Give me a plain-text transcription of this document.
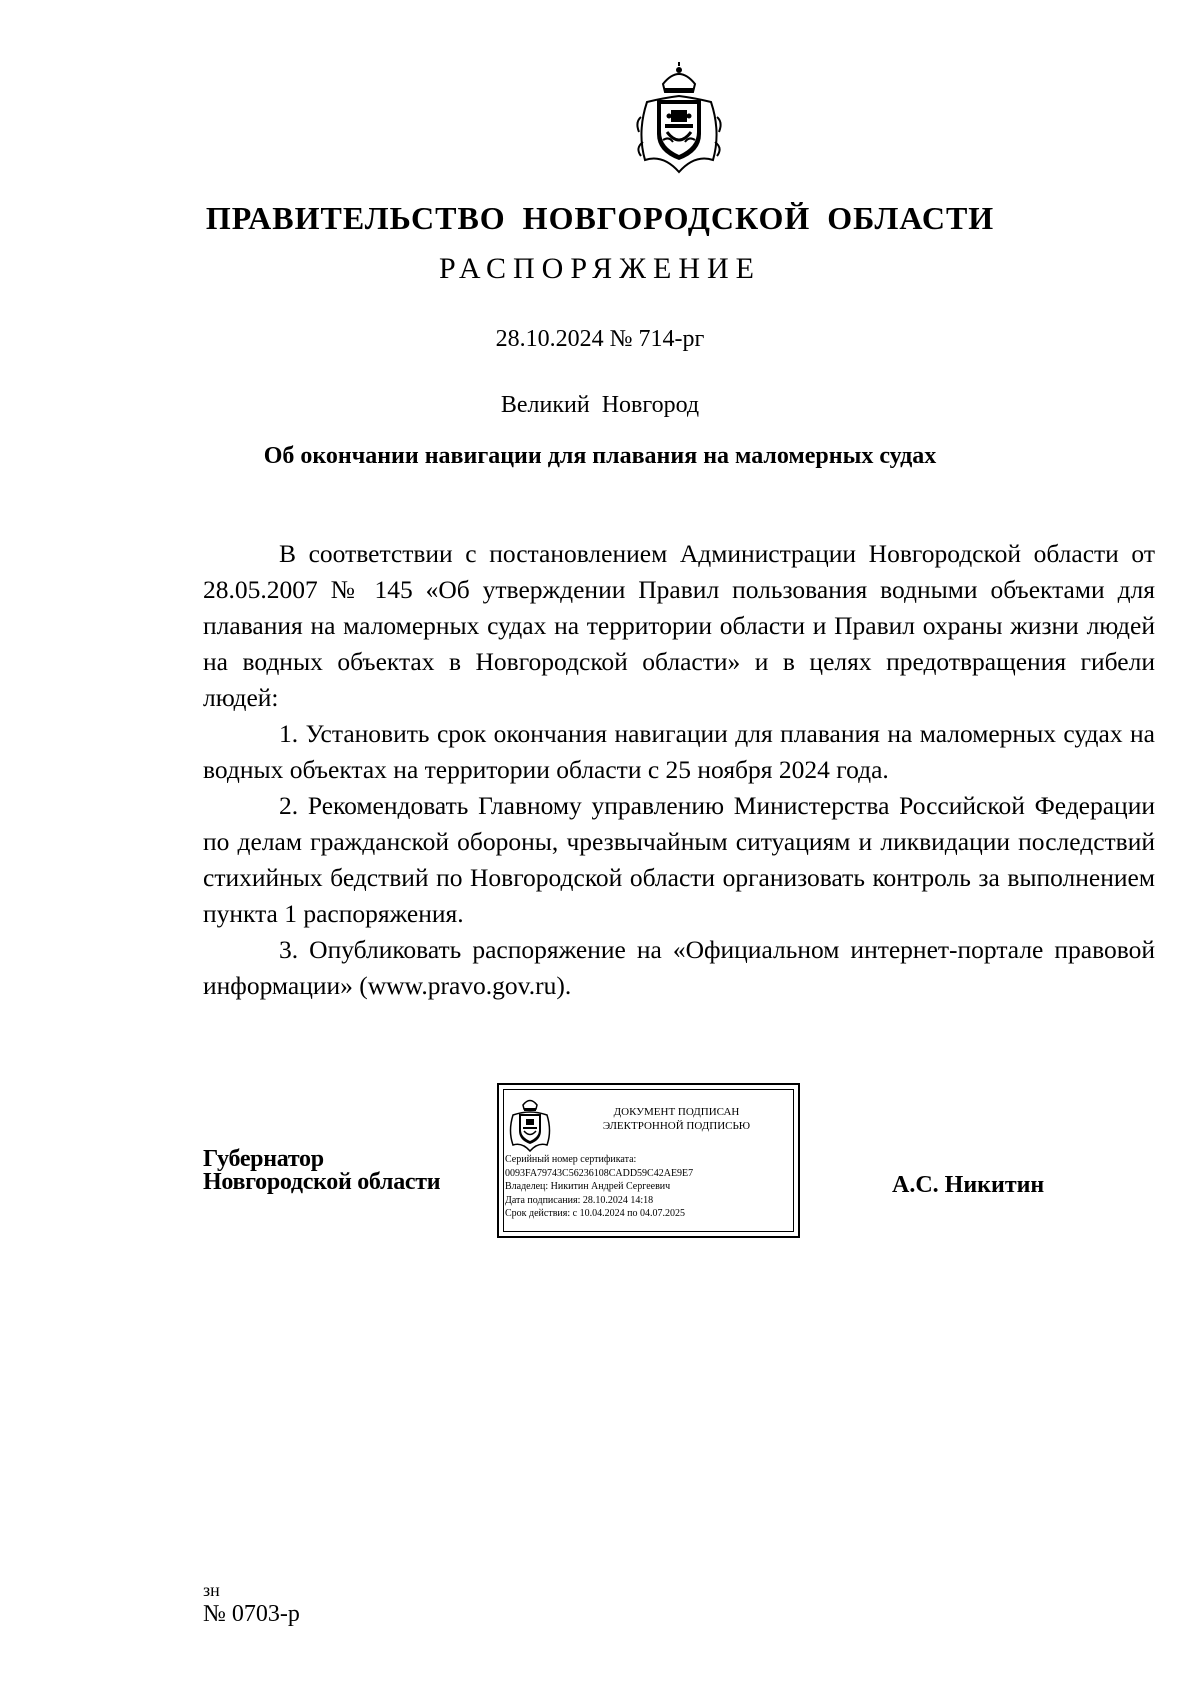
ПРАВИТЕЛЬСТВО НОВГОРОДСКОЙ ОБЛАСТИ
РАСПОРЯЖЕНИЕ
28.10.2024 № 714-рг
Великий Новгород
Об окончании навигации для плавания на маломерных судах

В соответствии с постановлением Администрации Новгородской области от 28.05.2007 № 145 «Об утверждении Правил пользования водными объектами для плавания на маломерных судах на территории области и Правил охраны жизни людей на водных объектах в Новгородской области» и в целях предотвращения гибели людей:

1. Установить срок окончания навигации для плавания на маломерных судах на водных объектах на территории области с 25 ноября 2024 года.

2. Рекомендовать Главному управлению Министерства Российской Федерации по делам гражданской обороны, чрезвычайным ситуациям и ликвидации последствий стихийных бедствий по Новгородской области организовать контроль за выполнением пункта 1 распоряжения.

3. Опубликовать распоряжение на «Официальном интернет-портале правовой информации» (www.pravo.gov.ru).

Губернатор
Новгородской области
ДОКУМЕНТ ПОДПИСАН
ЭЛЕКТРОННОЙ ПОДПИСЬЮ
Серийный номер сертификата:
0093FA79743C56236108CADD59C42AE9E7
Владелец: Никитин Андрей Сергеевич
Дата подписания: 28.10.2024 14:18
Срок действия: с 10.04.2024 по 04.07.2025
А.С. Никитин
зн
№ 0703-р
